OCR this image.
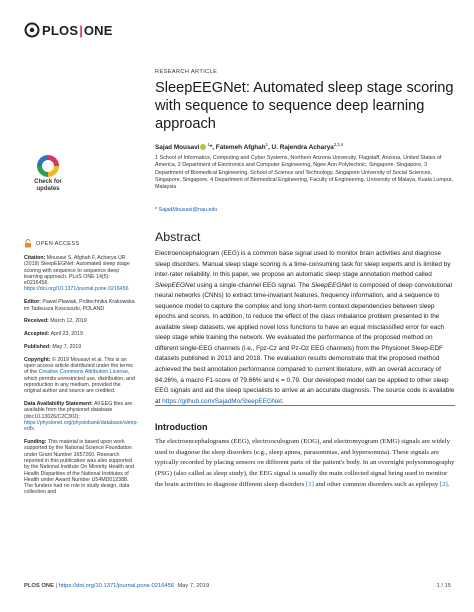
PLOS | ONE
RESEARCH ARTICLE
SleepEEGNet: Automated sleep stage scoring with sequence to sequence deep learning approach
Sajad Mousavi $^1$*, Fatemeh Afghah$^1$, U. Rajendra Acharya$^{2,3,4}$
1 School of Informatics, Computing and Cyber Systems, Northern Arizona University, Flagstaff, Arizona, United States of America, 2 Department of Electronics and Computer Engineering, Ngee Ann Polytechnic, Singapore, Singapore, 3 Department of Biomedical Engineering, School of Science and Technology, Singapore University of Social Sciences, Singapore, Singapore, 4 Department of Biomedical Engineering, Faculty of Engineering, University of Malaya, Kuala Lumpur, Malaysia
* SajadMousavi@nau.edu
Check for
updates
OPEN ACCESS
Citation: Mousavi S, Afghah F, Acharya UR (2019) SleepEEGNet: Automated sleep stage scoring with sequence to sequence deep learning approach. PLoS ONE 14(5): e0216456. https://doi.org/10.1371/journal.pone.0216456
Editor: Paweł Pławiak, Politechnika Krakowska im Tadeusza Kosciuszki, POLAND
Received: March 12, 2019
Accepted: April 23, 2019
Published: May 7, 2019
Copyright: © 2019 Mousavi et al. This is an open access article distributed under the terms of the Creative Commons Attribution License, which permits unrestricted use, distribution, and reproduction in any medium, provided the original author and source are credited.
Data Availability Statement: All EEG files are available from the physionet database (doi:10.13026/C2C30J); https://physionet.org/physiobank/database/sleep-edfx.
Funding: This material is based upon work supported by the National Science Foundation under Grant Number 1657260. Research reported in this publication was also supported by the National Institute On Minority Health and Health Disparities of the National Institutes of Health under Award Number U54MD012388. The funders had no role in study design, data collection and
Abstract
Electroencephalogram (EEG) is a common base signal used to monitor brain activities and diagnose sleep disorders. Manual sleep stage scoring is a time-consuming task for sleep experts and is limited by inter-rater reliability. In this paper, we propose an automatic sleep stage annotation method called SleepEEGNet using a single-channel EEG signal. The SleepEEGNet is composed of deep convolutional neural networks (CNNs) to extract time-invariant features, frequency information, and a sequence to sequence model to capture the complex and long short-term context dependencies between sleep epochs and scores. In addition, to reduce the effect of the class imbalance problem presented in the available sleep datasets, we applied novel loss functions to have an equal misclassified error for each sleep stage while training the network. We evaluated the performance of the proposed method on different single-EEG channels (i.e., Fpz-Cz and Pz-Oz EEG channels) from the Physionet Sleep-EDF datasets published in 2013 and 2018. The evaluation results demonstrate that the proposed method achieved the best annotation performance compared to current literature, with an overall accuracy of 84.26%, a macro F1-score of 79.66% and κ = 0.79. Our developed model can be applied to other sleep EEG signals and aid the sleep specialists to arrive at an accurate diagnosis. The source code is available at https://github.com/SajadMo/SleepEEGNet.
Introduction
The electroencephalograms (EEG), electrooculogram (EOG), and electromyogram (EMG) signals are widely used to diagnose the sleep disorders (e.g., sleep apnea, parasomnias, and hypersomnia). These signals are typically recorded by placing sensors on different parts of the patient's body. In an overnight polysomnography (PSG) (also called as sleep study), the EEG signal is usually the main collected signal being used to monitor the brain activities to diagnose different sleep disorders [1] and other common disorders such as epilepsy [2].
PLOS ONE | https://doi.org/10.1371/journal.pone.0216456 May 7, 2019	1 / 15
